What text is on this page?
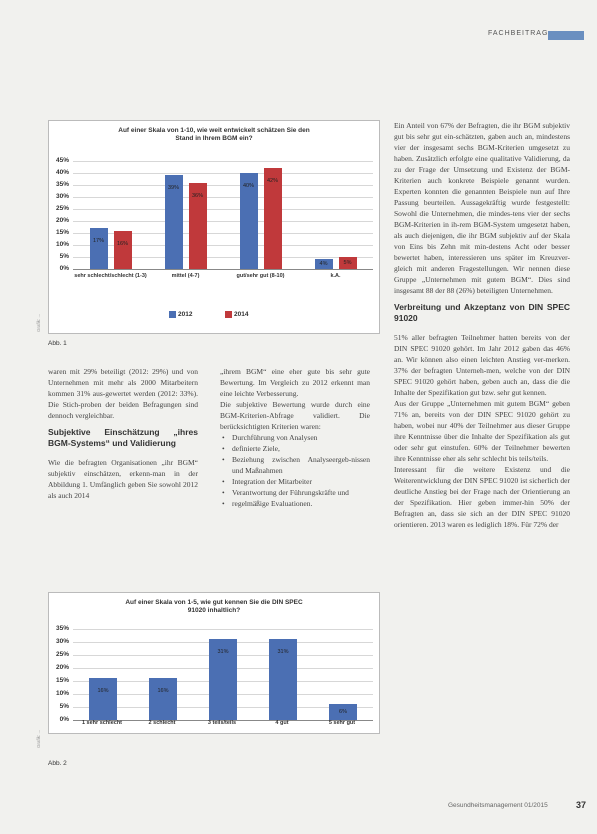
FACHBEITRAG
Auf einer Skala von 1-10, wie weit entwickelt schätzen Sie den Stand in Ihrem BGM ein?
45%
40%
35%
30%
25%
20%
15%
10%
5%
0%
17%	16%
39%
36%
40%
42%
4%	5%
sehr schlecht/schlecht (1-3)	mittel (4-7)	gut/sehr gut (8-10)	k.A.
2012	2014
Abb. 1
Auf einer Skala von 1-5, wie gut kennen Sie die DIN SPEC 91020 inhaltlich?
35%
30%
25%
20%
15%
10%
5%
0%
16%	16%
31%	31%
6%
1 sehr schlecht	2 schlecht	3 teils/teils	4 gut	5 sehr gut
Abb. 2
Grafik: ...
Grafik: ...

waren mit 29% beteiligt (2012: 29%) und von Unternehmen mit mehr als 2000 Mitarbeitern kommen 31% aus-gewertet werden (2012: 33%). Die Stich-proben der beiden Befragungen sind dennoch vergleichbar.

Subjektive Einschätzung „ihres BGM-Systems“ und Validierung

Wie die befragten Organisationen „ihr BGM“ subjektiv einschätzen, erkenn-man in der Abbildung 1. Umfänglich geben Sie sowohl 2012 als auch 2014

„ihrem BGM“ eine eher gute bis sehr gute Bewertung. Im Vergleich zu 2012 erkennt man eine leichte Verbesserung.

Die subjektive Bewertung wurde durch eine BGM-Kriterien-Abfrage validiert. Die berücksichtigten Kriterien waren:

• Durchführung von Analysen
• definierte Ziele,
• Beziehung zwischen Analyseergeb-nissen und Maßnahmen
• Integration der Mitarbeiter
• Verantwortung der Führungskräfte und
• regelmäßige Evaluationen.

Ein Anteil von 67% der Befragten, die ihr BGM subjektiv gut bis sehr gut ein-schätzten, gaben auch an, mindestens vier der insgesamt sechs BGM-Kriterien umgesetzt zu haben. Zusätzlich erfolgte eine qualitative Validierung, da zu der Frage der Umsetzung und Existenz der BGM-Kriterien auch konkrete Beispiele genannt wurden. Experten konnten die genannten Beispiele nun auf Ihre Passung beurteilen. Aussagekräftig wurde festgestellt: Sowohl die Unternehmen, die mindes-tens vier der sechs BGM-Kriterien in ih-rem BGM-System umgesetzt haben, als auch diejenigen, die ihr BGM subjektiv auf der Skala von Eins bis Zehn mit min-destens Acht oder besser bewertet haben, interessieren uns später im Kreuzver-gleich mit anderen Fragestellungen. Wir nennen diese Gruppe „Unternehmen mit gutem BGM“. Dies sind insgesamt 88 der 88 (26%) beteiligten Unternehmen.

Verbreitung und Akzeptanz von DIN SPEC 91020

51% aller befragten Teilnehmer hatten bereits von der DIN SPEC 91020 gehört. Im Jahr 2012 gaben das 46% an. Wir können also einen leichten Anstieg ver-merken. 37% der befragten Unterneh-men, welche von der DIN SPEC 91020 gehört haben, geben auch an, dass die die Inhalte der Spezifikation gut bzw. sehr gut kennen.

Aus der Gruppe „Unternehmen mit gutem BGM“ geben 71% an, bereits von der DIN SPEC 91020 gehört zu haben, wobei nur 40% der Teilnehmer aus dieser Gruppe ihre Kenntnisse über die Inhalte der Spezifikation als gut oder sehr gut einstufen. 60% der Teilnehmer bewerten ihre Kenntnisse eher als sehr schlecht bis teils/teils.

Interessant für die weitere Existenz und die Weiterentwicklung der DIN SPEC 91020 ist sicherlich der deutliche Anstieg bei der Frage nach der Orientierung an der Spezifikation. Hier geben immer-hin 50% der Befragten an, dass sie sich an der DIN SPEC 91020 orientieren. 2013 waren es lediglich 18%. Für 72% der

Gesundheitsmanagement 01/2015	37
